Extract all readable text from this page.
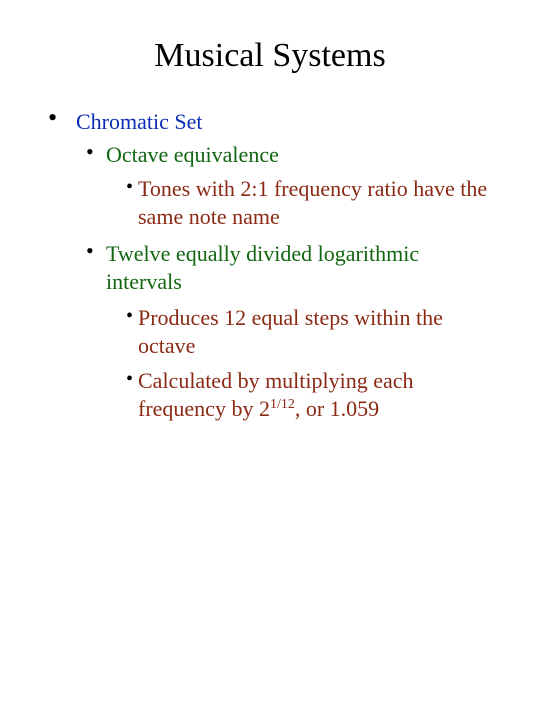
Musical Systems
• Chromatic Set
• Octave equivalence
• Tones with 2:1 frequency ratio have the same note name
• Twelve equally divided logarithmic intervals
• Produces 12 equal steps within the octave
• Calculated by multiplying each frequency by $2^{1/12}$, or 1.059
